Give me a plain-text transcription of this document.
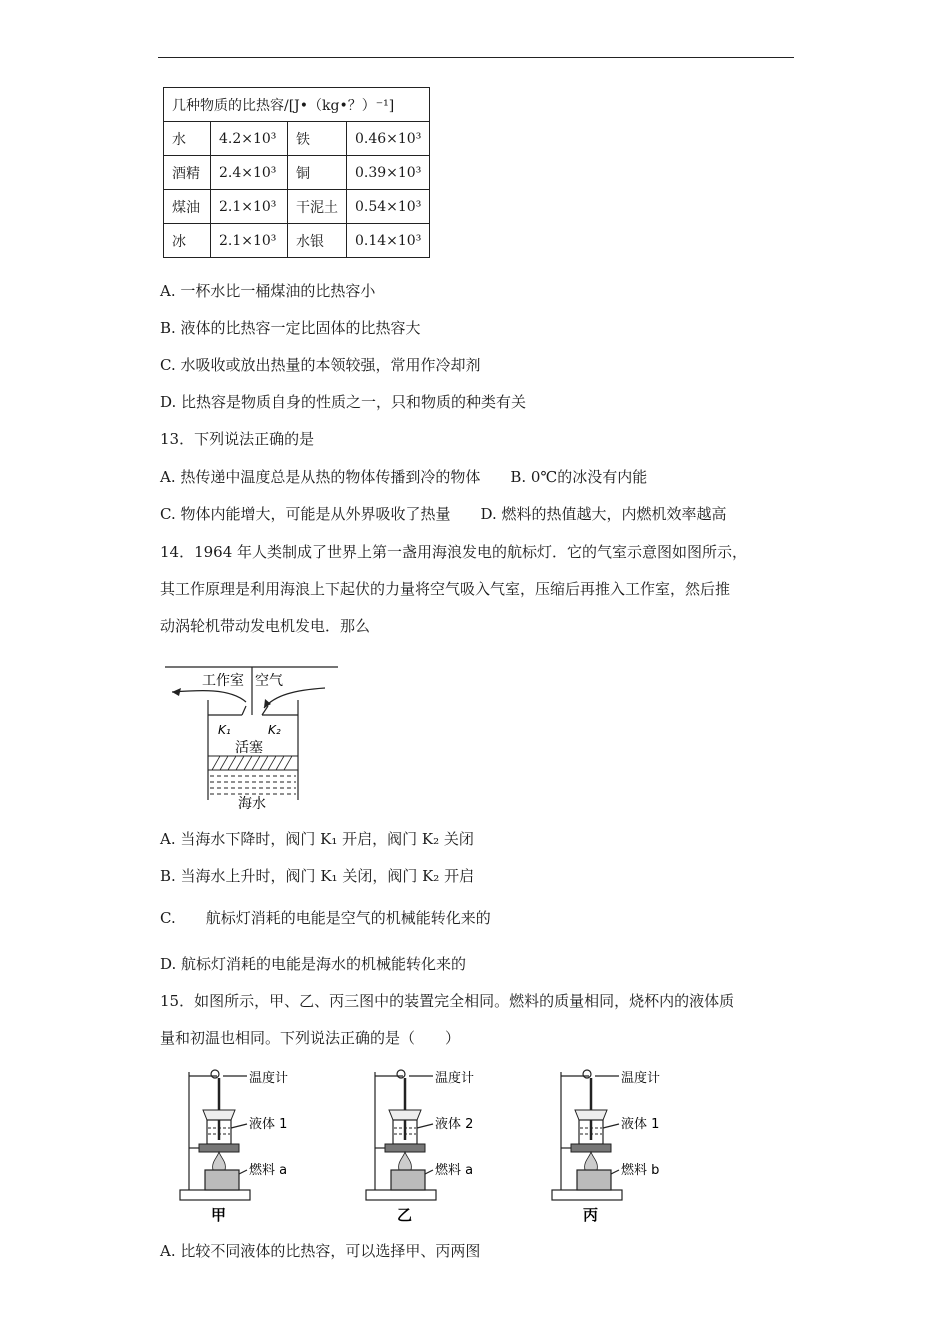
几种物质的比热容/[J•（kg•？）⁻¹]			
水	4.2×10³	铁	0.46×10³
酒精	2.4×10³	铜	0.39×10³
煤油	2.1×10³	干泥土	0.54×10³
冰	2.1×10³	水银	0.14×10³
A. 一杯水比一桶煤油的比热容小
B. 液体的比热容一定比固体的比热容大
C. 水吸收或放出热量的本领较强，常用作冷却剂
D. 比热容是物质自身的性质之一，只和物质的种类有关
13．下列说法正确的是
A. 热传递中温度总是从热的物体传播到冷的物体　　B. 0℃的冰没有内能
C. 物体内能增大，可能是从外界吸收了热量　　D. 燃料的热值越大，内燃机效率越高
14．1964 年人类制成了世界上第一盏用海浪发电的航标灯．它的气室示意图如图所示，
其工作原理是利用海浪上下起伏的力量将空气吸入气室，压缩后再推入工作室，然后推
动涡轮机带动发电机发电．那么
工作室 空气
K₁	K₂
活塞
海水
A. 当海水下降时，阀门 K₁ 开启，阀门 K₂ 关闭
B. 当海水上升时，阀门 K₁ 关闭，阀门 K₂ 开启
C.　　航标灯消耗的电能是空气的机械能转化来的
D. 航标灯消耗的电能是海水的机械能转化来的
15．如图所示，甲、乙、丙三图中的装置完全相同。燃料的质量相同，烧杯内的液体质
量和初温也相同。下列说法正确的是（　　）
温度计
液体 1
燃料 a
甲
温度计
液体 2
燃料 a
乙
温度计
液体 1
燃料 b
丙
A. 比较不同液体的比热容，可以选择甲、丙两图
